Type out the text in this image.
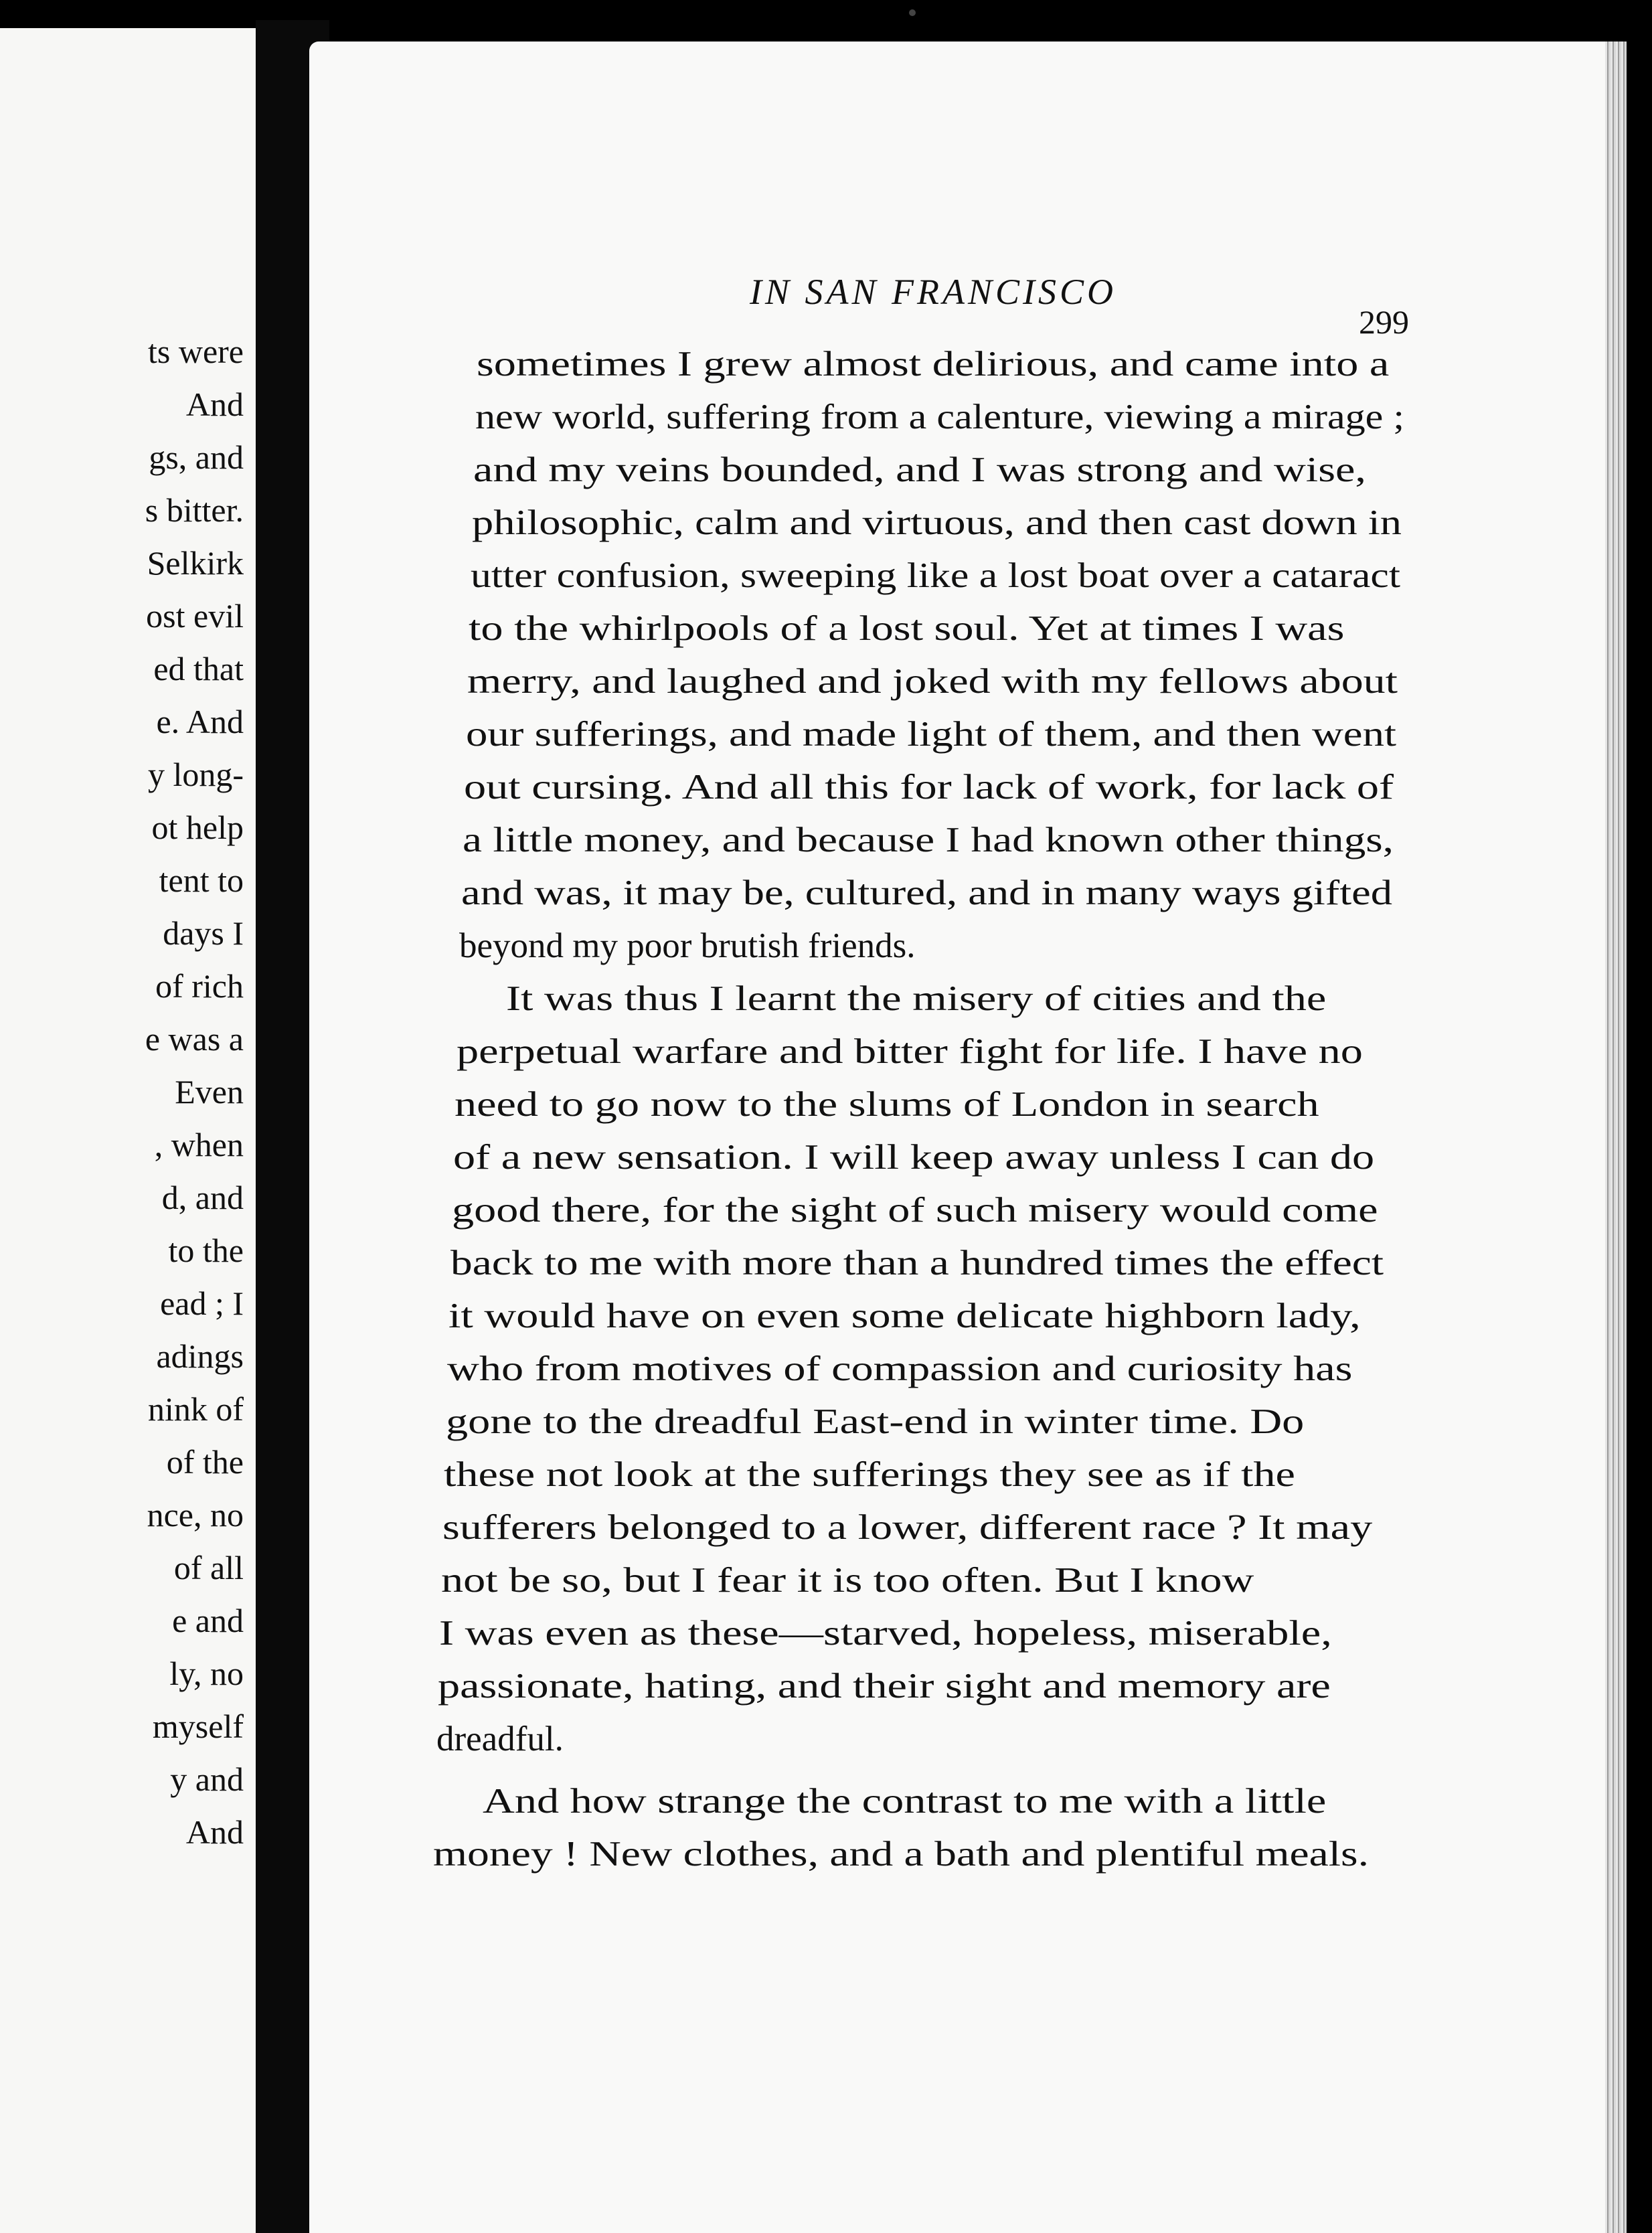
ts were
And
gs, and
s bitter.
Selkirk
ost evil
ed that
e. And
y long-
ot help
tent to
days I
of rich
e was a
Even
, when
d, and
to the
ead ; I
adings
nink of
of the
nce, no
of all
e and
ly, no
myself
y and
And
IN SAN FRANCISCO
299
sometimes I grew almost delirious, and came into a
new world, suffering from a calenture, viewing a mirage ;
and my veins bounded, and I was strong and wise,
philosophic, calm and virtuous, and then cast down in
utter confusion, sweeping like a lost boat over a cataract
to the whirlpools of a lost soul. Yet at times I was
merry, and laughed and joked with my fellows about
our sufferings, and made light of them, and then went
out cursing. And all this for lack of work, for lack of
a little money, and because I had known other things,
and was, it may be, cultured, and in many ways gifted
beyond my poor brutish friends.
It was thus I learnt the misery of cities and the
perpetual warfare and bitter fight for life. I have no
need to go now to the slums of London in search
of a new sensation. I will keep away unless I can do
good there, for the sight of such misery would come
back to me with more than a hundred times the effect
it would have on even some delicate highborn lady,
who from motives of compassion and curiosity has
gone to the dreadful East-end in winter time. Do
these not look at the sufferings they see as if the
sufferers belonged to a lower, different race ? It may
not be so, but I fear it is too often. But I know
I was even as these—starved, hopeless, miserable,
passionate, hating, and their sight and memory are
dreadful.
And how strange the contrast to me with a little
money ! New clothes, and a bath and plentiful meals.
